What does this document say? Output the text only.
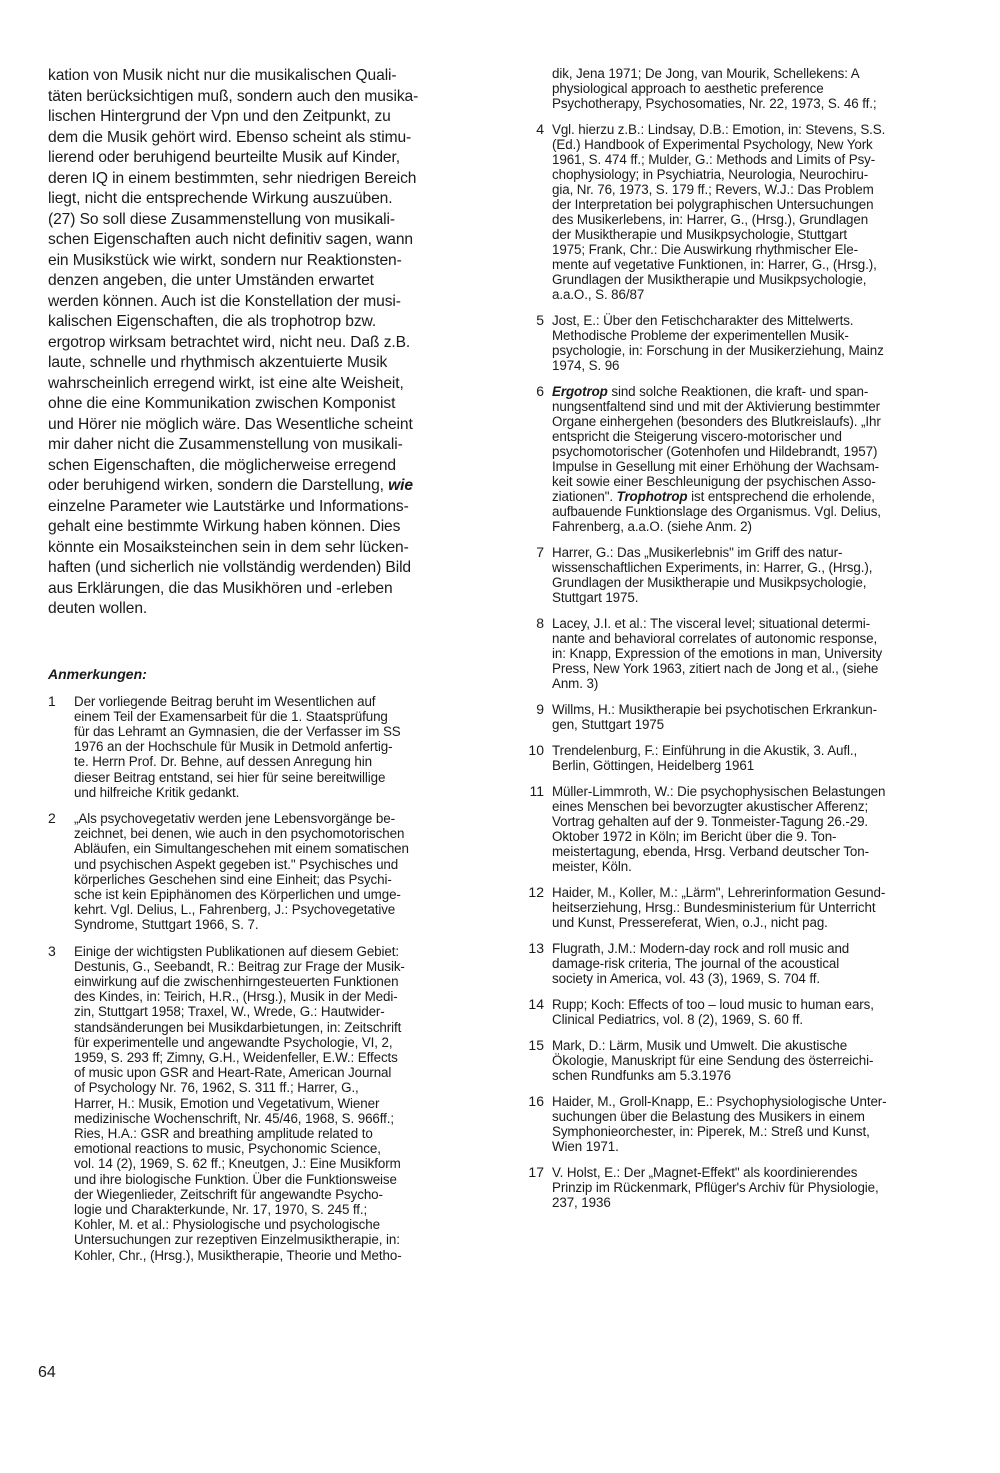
kation von Musik nicht nur die musikalischen Quali-
täten berücksichtigen muß, sondern auch den musika-
lischen Hintergrund der Vpn und den Zeitpunkt, zu
dem die Musik gehört wird. Ebenso scheint als stimu-
lierend oder beruhigend beurteilte Musik auf Kinder,
deren IQ in einem bestimmten, sehr niedrigen Bereich
liegt, nicht die entsprechende Wirkung auszuüben.
(27) So soll diese Zusammenstellung von musikali-
schen Eigenschaften auch nicht definitiv sagen, wann
ein Musikstück wie wirkt, sondern nur Reaktionsten-
denzen angeben, die unter Umständen erwartet
werden können. Auch ist die Konstellation der musi-
kalischen Eigenschaften, die als trophotrop bzw.
ergotrop wirksam betrachtet wird, nicht neu. Daß z.B.
laute, schnelle und rhythmisch akzentuierte Musik
wahrscheinlich erregend wirkt, ist eine alte Weisheit,
ohne die eine Kommunikation zwischen Komponist
und Hörer nie möglich wäre. Das Wesentliche scheint
mir daher nicht die Zusammenstellung von musikali-
schen Eigenschaften, die möglicherweise erregend
oder beruhigend wirken, sondern die Darstellung, wie
einzelne Parameter wie Lautstärke und Informations-
gehalt eine bestimmte Wirkung haben können. Dies
könnte ein Mosaiksteinchen sein in dem sehr lücken-
haften (und sicherlich nie vollständig werdenden) Bild
aus Erklärungen, die das Musikhören und -erleben
deuten wollen.

Anmerkungen:
1	Der vorliegende Beitrag beruht im Wesentlichen auf
einem Teil der Examensarbeit für die 1. Staatsprüfung
für das Lehramt an Gymnasien, die der Verfasser im SS
1976 an der Hochschule für Musik in Detmold anfertig-
te. Herrn Prof. Dr. Behne, auf dessen Anregung hin
dieser Beitrag entstand, sei hier für seine bereitwillige
und hilfreiche Kritik gedankt.

2	„Als psychovegetativ werden jene Lebensvorgänge be-
zeichnet, bei denen, wie auch in den psychomotorischen
Abläufen, ein Simultangeschehen mit einem somatischen
und psychischen Aspekt gegeben ist." Psychisches und
körperliches Geschehen sind eine Einheit; das Psychi-
sche ist kein Epiphänomen des Körperlichen und umge-
kehrt. Vgl. Delius, L., Fahrenberg, J.: Psychovegetative
Syndrome, Stuttgart 1966, S. 7.

3	Einige der wichtigsten Publikationen auf diesem Gebiet:
Destunis, G., Seebandt, R.: Beitrag zur Frage der Musik-
einwirkung auf die zwischenhirngesteuerten Funktionen
des Kindes, in: Teirich, H.R., (Hrsg.), Musik in der Medi-
zin, Stuttgart 1958; Traxel, W., Wrede, G.: Hautwider-
standsänderungen bei Musikdarbietungen, in: Zeitschrift
für experimentelle und angewandte Psychologie, VI, 2,
1959, S. 293 ff; Zimny, G.H., Weidenfeller, E.W.: Effects
of music upon GSR and Heart-Rate, American Journal
of Psychology Nr. 76, 1962, S. 311 ff.; Harrer, G.,
Harrer, H.: Musik, Emotion und Vegetativum, Wiener
medizinische Wochenschrift, Nr. 45/46, 1968, S. 966ff.;
Ries, H.A.: GSR and breathing amplitude related to
emotional reactions to music, Psychonomic Science,
vol. 14 (2), 1969, S. 62 ff.; Kneutgen, J.: Eine Musikform
und ihre biologische Funktion. Über die Funktionsweise
der Wiegenlieder, Zeitschrift für angewandte Psycho-
logie und Charakterkunde, Nr. 17, 1970, S. 245 ff.;
Kohler, M. et al.: Physiologische und psychologische
Untersuchungen zur rezeptiven Einzelmusiktherapie, in:
Kohler, Chr., (Hrsg.), Musiktherapie, Theorie und Metho-

dik, Jena 1971; De Jong, van Mourik, Schellekens: A
physiological approach to aesthetic preference
Psychotherapy, Psychosomaties, Nr. 22, 1973, S. 46 ff.;

4 Vgl. hierzu z.B.: Lindsay, D.B.: Emotion, in: Stevens, S.S.
(Ed.) Handbook of Experimental Psychology, New York
1961, S. 474 ff.; Mulder, G.: Methods and Limits of Psy-
chophysiology; in Psychiatria, Neurologia, Neurochiru-
gia, Nr. 76, 1973, S. 179 ff.; Revers, W.J.: Das Problem
der Interpretation bei polygraphischen Untersuchungen
des Musikerlebens, in: Harrer, G., (Hrsg.), Grundlagen
der Musiktherapie und Musikpsychologie, Stuttgart
1975; Frank, Chr.: Die Auswirkung rhythmischer Ele-
mente auf vegetative Funktionen, in: Harrer, G., (Hrsg.),
Grundlagen der Musiktherapie und Musikpsychologie,
a.a.O., S. 86/87

5 Jost, E.: Über den Fetischcharakter des Mittelwerts.
Methodische Probleme der experimentellen Musik-
psychologie, in: Forschung in der Musikerziehung, Mainz
1974, S. 96

6 Ergotrop sind solche Reaktionen, die kraft- und span-
nungsentfaltend sind und mit der Aktivierung bestimmter
Organe einhergehen (besonders des Blutkreislaufs). „Ihr
entspricht die Steigerung viscero-motorischer und
psychomotorischer (Gotenhofen und Hildebrandt, 1957)
Impulse in Gesellung mit einer Erhöhung der Wachsam-
keit sowie einer Beschleunigung der psychischen Asso-
ziationen". Trophotrop ist entsprechend die erholende,
aufbauende Funktionslage des Organismus. Vgl. Delius,
Fahrenberg, a.a.O. (siehe Anm. 2)

7 Harrer, G.: Das „Musikerlebnis" im Griff des natur-
wissenschaftlichen Experiments, in: Harrer, G., (Hrsg.),
Grundlagen der Musiktherapie und Musikpsychologie,
Stuttgart 1975.

8 Lacey, J.I. et al.: The visceral level; situational determi-
nante and behavioral correlates of autonomic response,
in: Knapp, Expression of the emotions in man, University
Press, New York 1963, zitiert nach de Jong et al., (siehe
Anm. 3)

9 Willms, H.: Musiktherapie bei psychotischen Erkrankun-
gen, Stuttgart 1975

10 Trendelenburg, F.: Einführung in die Akustik, 3. Aufl.,
Berlin, Göttingen, Heidelberg 1961

11 Müller-Limmroth, W.: Die psychophysischen Belastungen
eines Menschen bei bevorzugter akustischer Afferenz;
Vortrag gehalten auf der 9. Tonmeister-Tagung 26.-29.
Oktober 1972 in Köln; im Bericht über die 9. Ton-
meistertagung, ebenda, Hrsg. Verband deutscher Ton-
meister, Köln.

12 Haider, M., Koller, M.: „Lärm", Lehrerinformation Gesund-
heitserziehung, Hrsg.: Bundesministerium für Unterricht
und Kunst, Pressereferat, Wien, o.J., nicht pag.

13 Flugrath, J.M.: Modern-day rock and roll music and
damage-risk criteria, The journal of the acoustical
society in America, vol. 43 (3), 1969, S. 704 ff.

14 Rupp; Koch: Effects of too – loud music to human ears,
Clinical Pediatrics, vol. 8 (2), 1969, S. 60 ff.

15 Mark, D.: Lärm, Musik und Umwelt. Die akustische
Ökologie, Manuskript für eine Sendung des österreichi-
schen Rundfunks am 5.3.1976

16 Haider, M., Groll-Knapp, E.: Psychophysiologische Unter-
suchungen über die Belastung des Musikers in einem
Symphonieorchester, in: Piperek, M.: Streß und Kunst,
Wien 1971.

17 V. Holst, E.: Der „Magnet-Effekt" als koordinierendes
Prinzip im Rückenmark, Pflüger's Archiv für Physiologie,
237, 1936

64
